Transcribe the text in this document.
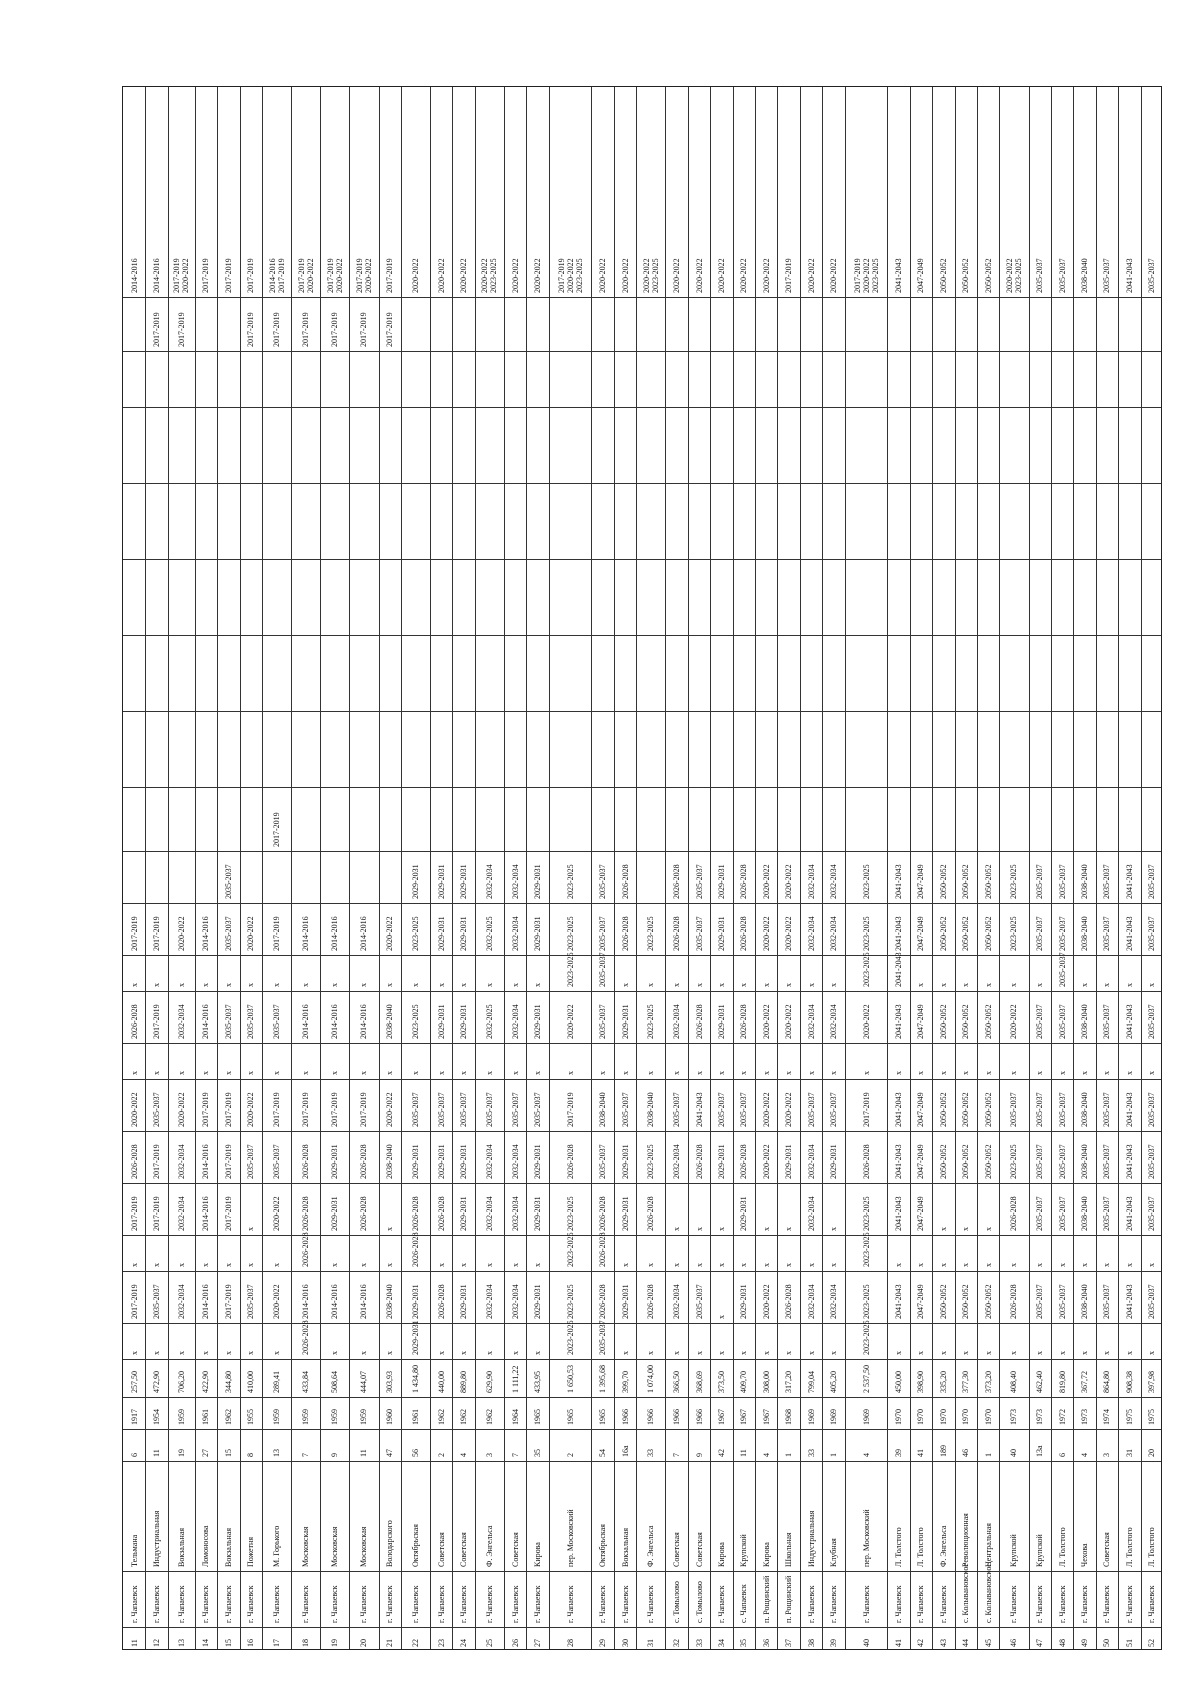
11
г. Чапаевск
Тельмана
6
1917
257,50
х
2017-2019
х
2017-2019
2026-2028
2020-2022
х
2026-2028
х
2017-2019
2014-2016
12
г. Чапаевск
Индустриальная
11
1954
472,90
х
2035-2037
х
2017-2019
2017-2019
2035-2037
х
2017-2019
х
2017-2019
2017-2019
2014-2016
13
г. Чапаевск
Вокзальная
19
1959
706,20
х
2032-2034
х
2032-2034
2032-2034
2020-2022
х
2032-2034
х
2020-2022
2017-2019
2017-2019
2020-2022
14
г. Чапаевск
Ломоносова
27
1961
422,90
х
2014-2016
х
2014-2016
2014-2016
2017-2019
х
2014-2016
х
2014-2016
2017-2019
15
г. Чапаевск
Вокзальная
15
1962
344,80
х
2017-2019
х
2017-2019
2017-2019
2017-2019
х
2035-2037
х
2035-2037
2035-2037
2017-2019
16
г. Чапаевск
Пожетня
8
1955
410,00
х
2035-2037
х
х
2035-2037
2020-2022
х
2035-2037
х
2020-2022
2017-2019
2017-2019
17
г. Чапаевск
М. Горького
13
1959
289,41
х
2020-2022
х
2020-2022
2035-2037
2017-2019
х
2035-2037
х
2017-2019
2017-2019
2017-2019
2014-2016
2017-2019
18
г. Чапаевск
Московская
7
1959
433,84
2026-2028
2014-2016
2026-2028
2026-2028
2026-2028
2017-2019
х
2014-2016
х
2014-2016
2017-2019
2017-2019
2020-2022
19
г. Чапаевск
Московская
9
1959
508,64
х
2014-2016
х
2029-2031
2029-2031
2017-2019
х
2014-2016
х
2014-2016
2017-2019
2017-2019
2020-2022
20
г. Чапаевск
Московская
11
1959
444,07
х
2014-2016
х
2026-2028
2026-2028
2017-2019
х
2014-2016
х
2014-2016
2017-2019
2017-2019
2020-2022
21
г. Чапаевск
Володарского
47
1960
303,93
х
2038-2040
х
х
2038-2040
2020-2022
х
2038-2040
х
2020-2022
2017-2019
2017-2019
22
г. Чапаевск
Октябрьская
56
1961
1 434,80
2029-2031
2029-2031
2026-2028
2026-2028
2029-2031
2035-2037
х
2023-2025
х
2023-2025
2029-2031
2020-2022
23
г. Чапаевск
Советская
2
1962
440,00
х
2026-2028
х
2026-2028
2029-2031
2035-2037
х
2029-2031
х
2029-2031
2029-2031
2020-2022
24
г. Чапаевск
Советская
4
1962
889,80
х
2029-2031
х
2029-2031
2029-2031
2035-2037
х
2029-2031
х
2029-2031
2029-2031
2020-2022
25
г. Чапаевск
Ф. Энгельса
3
1962
629,90
х
2032-2034
х
2032-2034
2032-2034
2035-2037
х
2032-2025
х
2032-2025
2032-2034
2020-2022
2023-2025
26
г. Чапаевск
Советская
7
1964
1 111,22
х
2032-2034
х
2032-2034
2032-2034
2035-2037
х
2032-2034
х
2032-2034
2032-2034
2020-2022
27
г. Чапаевск
Кирова
35
1965
433,95
х
2029-2031
х
2029-2031
2029-2031
2035-2037
х
2029-2031
х
2029-2031
2029-2031
2020-2022
28
г. Чапаевск
пер. Московский
2
1965
1 650,53
2023-2025
2023-2025
2023-2025
2023-2025
2026-2028
2017-2019
х
2020-2022
2023-2025
2023-2025
2023-2025
2017-2019
2020-2022
2023-2025
29
г. Чапаевск
Октябрьская
54
1965
1 395,68
2035-2037
2026-2028
2026-2028
2026-2028
2035-2037
2038-2040
х
2035-2037
2035-2037
2035-2037
2035-2037
2020-2022
30
г. Чапаевск
Вокзальная
16а
1966
399,70
х
2029-2031
х
2029-2031
2029-2031
2035-2037
х
2029-2031
х
2026-2028
2026-2028
2020-2022
31
г. Чапаевск
Ф. Энгельса
33
1966
1 074,00
х
2026-2028
х
2026-2028
2023-2025
2038-2040
х
2023-2025
х
2023-2025
2020-2022
2023-2025
32
с. Томыловo
Советская
7
1966
366,50
х
2032-2034
х
х
2032-2034
2035-2037
х
2032-2034
х
2026-2028
2026-2028
2020-2022
33
с. Томыловo
Советская
9
1966
368,69
х
2035-2037
х
х
2026-2028
2041-2043
х
2026-2028
х
2035-2037
2035-2037
2020-2022
34
г. Чапаевск
Кирова
42
1967
373,50
х
х
х
х
2029-2031
2035-2037
х
2029-2031
х
2029-2031
2029-2031
2020-2022
35
с. Чапаевск
Крупской
11
1967
409,70
х
2029-2031
х
2029-2031
2026-2028
2035-2037
х
2026-2028
х
2026-2028
2026-2028
2020-2022
36
п. Рощинский
Кирова
4
1967
308,00
х
2020-2022
х
х
2020-2022
2020-2022
х
2020-2022
х
2020-2022
2020-2022
2020-2022
37
п. Рощинский
Школьная
1
1968
317,20
х
2026-2028
х
х
2029-2031
2020-2022
х
2020-2022
х
2020-2022
2020-2022
2017-2019
38
г. Чапаевск
Индустриальная
33
1969
799,04
х
2032-2034
х
2032-2034
2032-2034
2035-2037
х
2032-2034
х
2032-2034
2032-2034
2020-2022
39
г. Чапаевск
Клубная
1
1969
405,20
х
2032-2034
х
х
2029-2031
2035-2037
х
2032-2034
х
2032-2034
2032-2034
2020-2022
40
г. Чапаевск
пер. Московский
4
1969
2 537,50
2023-2025
2023-2025
2023-2025
2023-2025
2026-2028
2017-2019
х
2020-2022
2023-2025
2023-2025
2023-2025
2017-2019
2020-2022
2023-2025
41
г. Чапаевск
Л. Толстого
39
1970
450,00
х
2041-2043
х
2041-2043
2041-2043
2041-2043
х
2041-2043
2041-2043
2041-2043
2041-2043
2041-2043
42
г. Чапаевск
Л. Толстого
41
1970
398,90
х
2047-2049
х
2047-2049
2047-2049
2047-2049
х
2047-2049
х
2047-2049
2047-2049
2047-2049
43
г. Чапаевск
Ф. Энгельса
189
1970
335,20
х
2050-2052
х
х
2050-2052
2050-2052
х
2050-2052
х
2050-2052
2050-2052
2050-2052
44
с. Колывановскoе
Революционная
46
1970
377,30
х
2050-2052
х
х
2050-2052
2050-2052
х
2050-2052
х
2050-2052
2050-2052
2050-2052
45
с. Колывановскoе
Центральная
1
1970
373,20
х
2050-2052
х
х
2050-2052
2050-2052
х
2050-2052
х
2050-2052
2050-2052
2050-2052
46
г. Чапаевск
Крупской
40
1973
408,40
х
2026-2028
х
2026-2028
2023-2025
2035-2037
х
2020-2022
х
2023-2025
2023-2025
2020-2022
2023-2025
47
г. Чапаевск
Крупской
13а
1973
462,40
х
2035-2037
х
2035-2037
2035-2037
2035-2037
х
2035-2037
х
2035-2037
2035-2037
2035-2037
48
г. Чапаевск
Л. Толстого
6
1972
819,80
х
2035-2037
х
2035-2037
2035-2037
2035-2037
х
2035-2037
2035-2037
2035-2037
2035-2037
2035-2037
49
г. Чапаевск
Чехова
4
1973
367,72
х
2038-2040
х
2038-2040
2038-2040
2038-2040
х
2038-2040
х
2038-2040
2038-2040
2038-2040
50
г. Чапаевск
Советская
3
1974
864,80
х
2035-2037
х
2035-2037
2035-2037
2035-2037
х
2035-2037
х
2035-2037
2035-2037
2035-2037
51
г. Чапаевск
Л. Толстого
31
1975
908,38
х
2041-2043
х
2041-2043
2041-2043
2041-2043
х
2041-2043
х
2041-2043
2041-2043
2041-2043
52
г. Чапаевск
Л. Толстого
20
1975
397,98
х
2035-2037
х
2035-2037
2035-2037
2035-2037
х
2035-2037
х
2035-2037
2035-2037
2035-2037
